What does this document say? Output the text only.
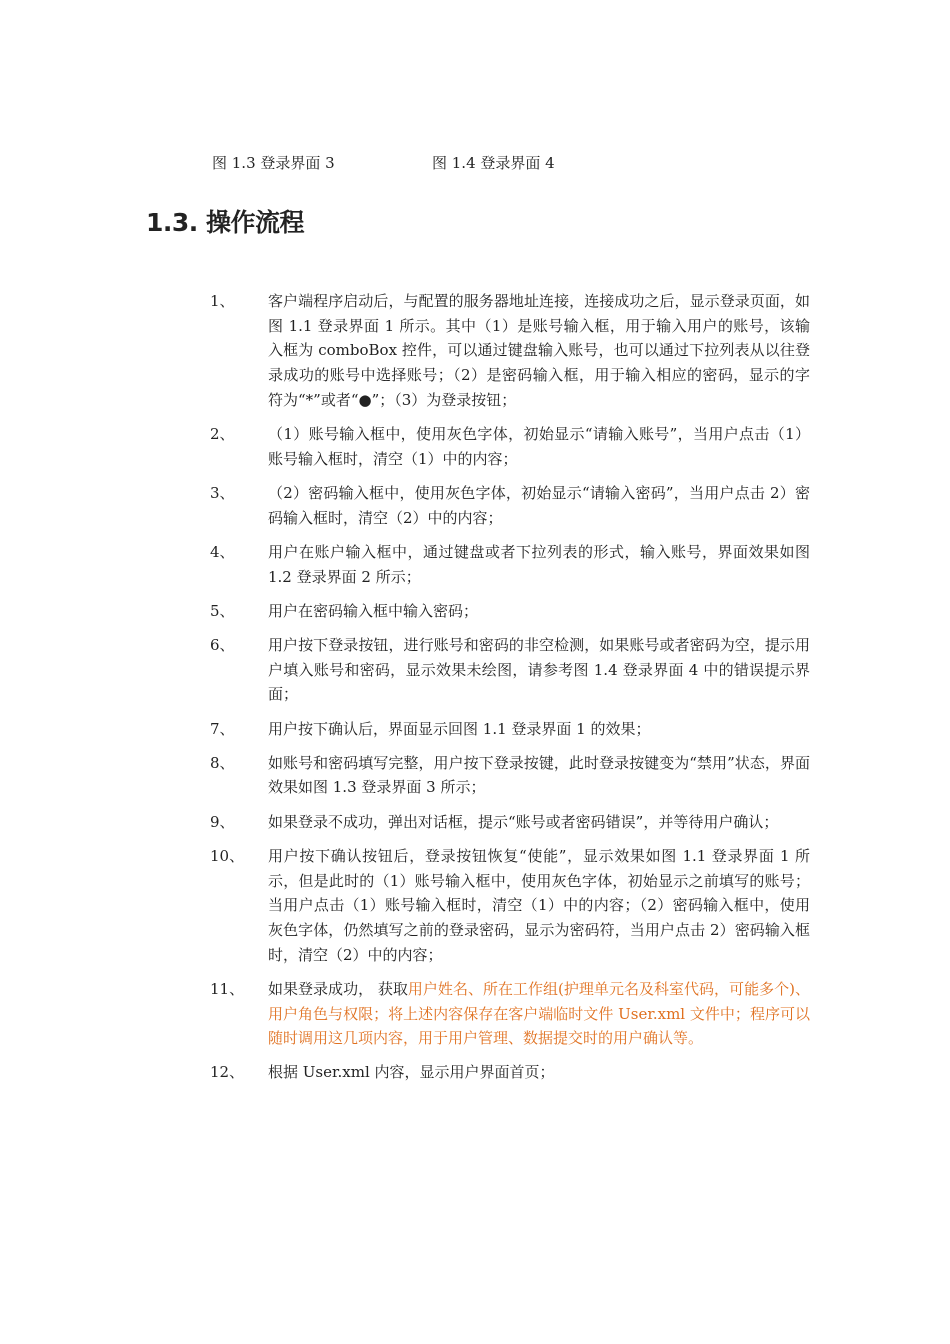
图 1.3 登录界面 3	图 1.4 登录界面 4
1.3. 操作流程
1、	客户端程序启动后，与配置的服务器地址连接，连接成功之后，显示登录页面，如图 1.1 登录界面 1 所示。其中（1）是账号输入框，用于输入用户的账号，该输入框为 comboBox 控件，可以通过键盘输入账号，也可以通过下拉列表从以往登录成功的账号中选择账号；（2）是密码输入框，用于输入相应的密码，显示的字符为“*”或者“●”；（3）为登录按钮；
2、	（1）账号输入框中，使用灰色字体，初始显示“请输入账号”，当用户点击（1）账号输入框时，清空（1）中的内容；
3、	（2）密码输入框中，使用灰色字体，初始显示“请输入密码”，当用户点击 2）密码输入框时，清空（2）中的内容；
4、	用户在账户输入框中，通过键盘或者下拉列表的形式，输入账号，界面效果如图 1.2 登录界面 2 所示；
5、	用户在密码输入框中输入密码；
6、	用户按下登录按钮，进行账号和密码的非空检测，如果账号或者密码为空，提示用户填入账号和密码，显示效果未绘图，请参考图 1.4 登录界面 4 中的错误提示界面；
7、	用户按下确认后，界面显示回图 1.1 登录界面 1 的效果；
8、	如账号和密码填写完整，用户按下登录按键，此时登录按键变为“禁用”状态，界面效果如图 1.3 登录界面 3 所示；
9、	如果登录不成功，弹出对话框，提示“账号或者密码错误”，并等待用户确认；
10、	用户按下确认按钮后，登录按钮恢复“使能”，显示效果如图 1.1 登录界面 1 所示，但是此时的（1）账号输入框中，使用灰色字体，初始显示之前填写的账号；当用户点击（1）账号输入框时，清空（1）中的内容；（2）密码输入框中，使用灰色字体，仍然填写之前的登录密码，显示为密码符，当用户点击 2）密码输入框时，清空（2）中的内容；
11、	如果登录成功， 获取用户姓名、所在工作组(护理单元名及科室代码，可能多个)、用户角色与权限；将上述内容保存在客户端临时文件 User.xml 文件中；程序可以随时调用这几项内容，用于用户管理、数据提交时的用户确认等。
12、	根据 User.xml 内容，显示用户界面首页；
